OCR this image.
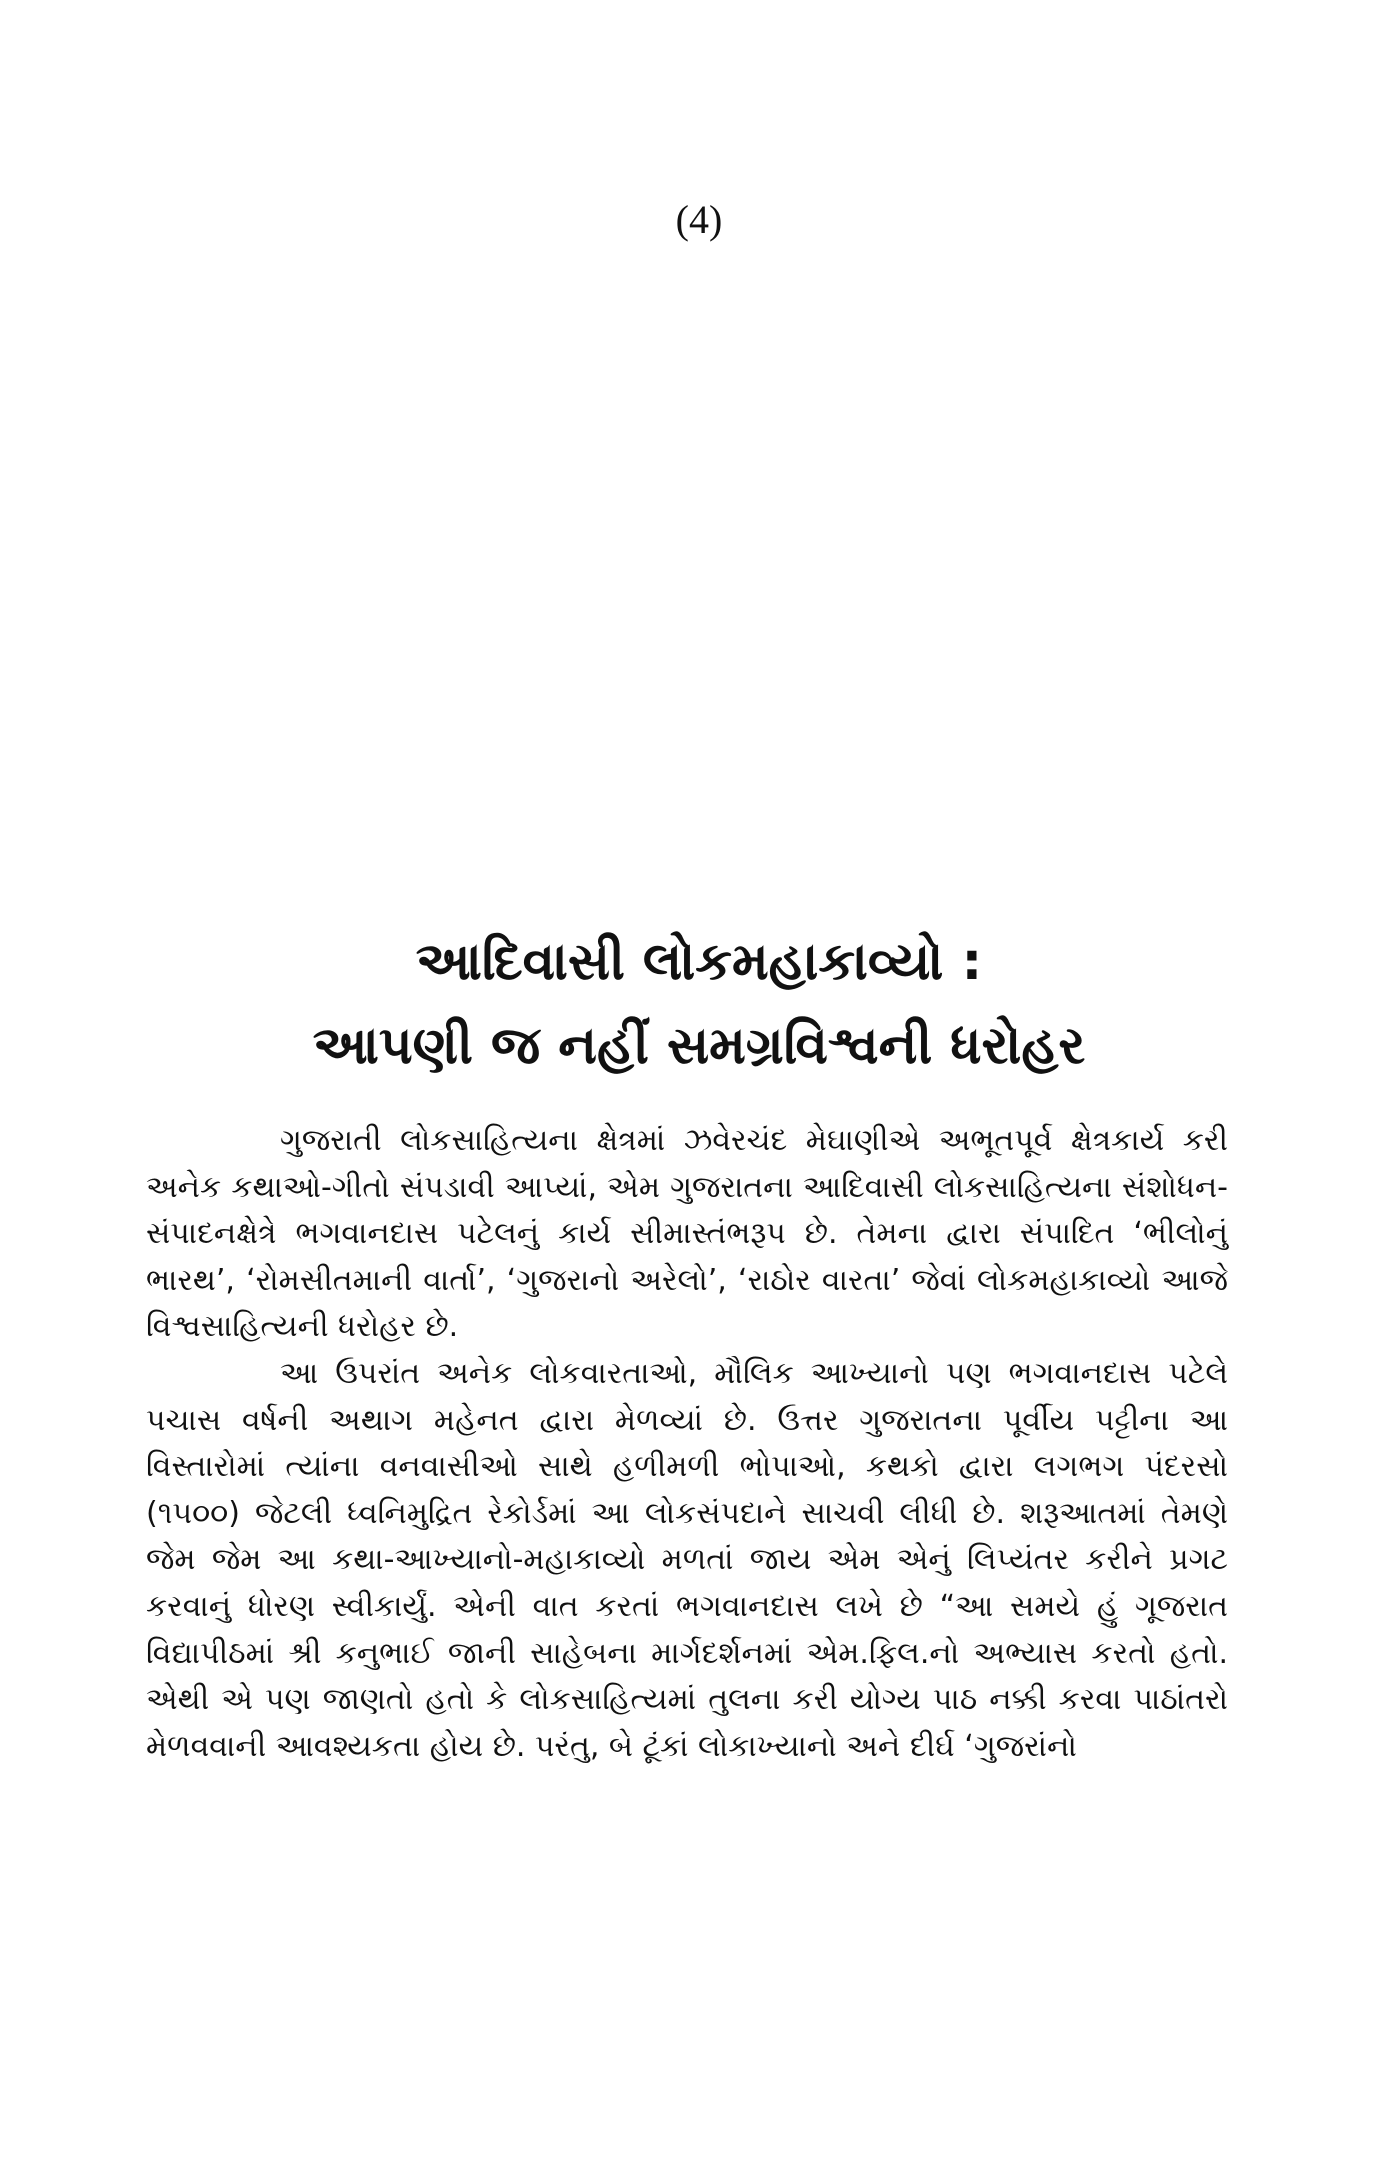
(4)
આદિવાસી લોકમહાકાવ્યો :
આપણી જ નહીં સમગ્રવિશ્વની ધરોહર

ગુજરાતી લોકસાહિત્યના ક્ષેત્રમાં ઝવેરચંદ મેઘાણીએ અભૂતપૂર્વ ક્ષેત્રકાર્ય કરી અનેક કથાઓ-ગીતો સંપડાવી આપ્યાં, એમ ગુજરાતના આદિવાસી લોકસાહિત્યના સંશોધન-સંપાદનક્ષેત્રે ભગવાનદાસ પટેલનું કાર્ય સીમાસ્તંભરૂપ છે. તેમના દ્વારા સંપાદિત ‘ભીલોનું ભારથ’, ‘રોમસીતમાની વાર્તા’, ‘ગુજરાનો અરેલો’, ‘રાઠોર વારતા’ જેવાં લોકમહાકાવ્યો આજે વિશ્વસાહિત્યની ધરોહર છે.

આ ઉપરાંત અનેક લોકવારતાઓ, મૌલિક આખ્યાનો પણ ભગવાનદાસ પટેલે પચાસ વર્ષની અથાગ મહેનત દ્વારા મેળવ્યાં છે. ઉત્તર ગુજરાતના પૂર્વીય પટ્ટીના આ વિસ્તારોમાં ત્યાંના વનવાસીઓ સાથે હળીમળી ભોપાઓ, કથકો દ્વારા લગભગ પંદરસો (૧૫૦૦) જેટલી ધ્વનિમુદ્રિત રેકોર્ડમાં આ લોકસંપદાને સાચવી લીધી છે. શરૂઆતમાં તેમણે જેમ જેમ આ કથા-આખ્યાનો-મહાકાવ્યો મળતાં જાય એમ એનું લિપ્યંતર કરીને પ્રગટ કરવાનું ધોરણ સ્વીકાર્યું. એની વાત કરતાં ભગવાનદાસ લખે છે “આ સમયે હું ગૂજરાત વિદ્યાપીઠમાં શ્રી કનુભાઈ જાની સાહેબના માર્ગદર્શનમાં એમ.ફિલ.નો અભ્યાસ કરતો હતો. એથી એ પણ જાણતો હતો કે લોકસાહિત્યમાં તુલના કરી યોગ્ય પાઠ નક્કી કરવા પાઠાંતરો મેળવવાની આવશ્યકતા હોય છે. પરંતુ, બે ટૂંકાં લોકાખ્યાનો અને દીર્ઘ ‘ગુજરાંનો
